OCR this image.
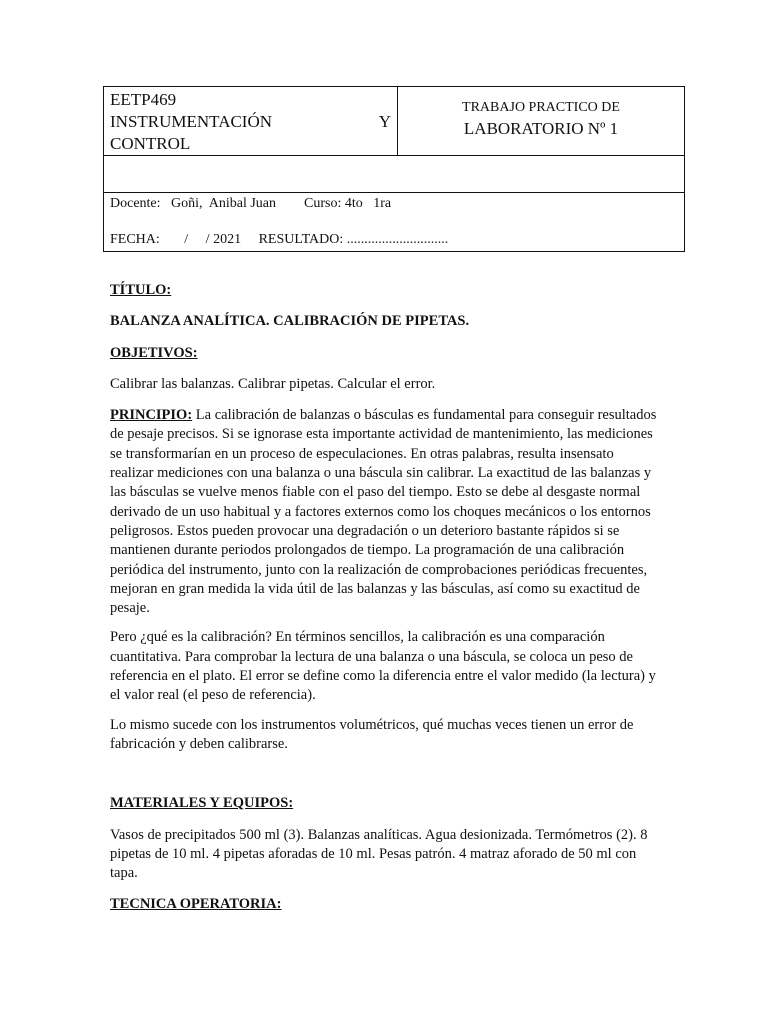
EETP469
INSTRUMENTACIÓN	Y
CONTROL

TRABAJO PRACTICO DE
LABORATORIO Nº 1

Docente:   Goñi,  Anibal Juan        Curso: 4to   1ra
FECHA:       /     / 2021     RESULTADO: .............................

TÍTULO:

BALANZA ANALÍTICA. CALIBRACIÓN DE PIPETAS.

OBJETIVOS:

Calibrar las balanzas. Calibrar pipetas. Calcular el error.

PRINCIPIO: La calibración de balanzas o básculas es fundamental para conseguir resultados de pesaje precisos. Si se ignorase esta importante actividad de mantenimiento, las mediciones se transformarían en un proceso de especulaciones. En otras palabras, resulta insensato realizar mediciones con una balanza o una báscula sin calibrar. La exactitud de las balanzas y las básculas se vuelve menos fiable con el paso del tiempo. Esto se debe al desgaste normal derivado de un uso habitual y a factores externos como los choques mecánicos o los entornos peligrosos. Estos pueden provocar una degradación o un deterioro bastante rápidos si se mantienen durante periodos prolongados de tiempo. La programación de una calibración periódica del instrumento, junto con la realización de comprobaciones periódicas frecuentes, mejoran en gran medida la vida útil de las balanzas y las básculas, así como su exactitud de pesaje.

Pero ¿qué es la calibración? En términos sencillos, la calibración es una comparación cuantitativa. Para comprobar la lectura de una balanza o una báscula, se coloca un peso de referencia en el plato. El error se define como la diferencia entre el valor medido (la lectura) y el valor real (el peso de referencia).

Lo mismo sucede con los instrumentos volumétricos, qué muchas veces tienen un error de fabricación y deben calibrarse.

MATERIALES Y EQUIPOS:

Vasos de precipitados 500 ml (3). Balanzas analíticas. Agua desionizada. Termómetros (2). 8 pipetas de 10 ml. 4 pipetas aforadas de 10 ml. Pesas patrón. 4 matraz aforado de 50 ml con tapa.

TECNICA OPERATORIA:
